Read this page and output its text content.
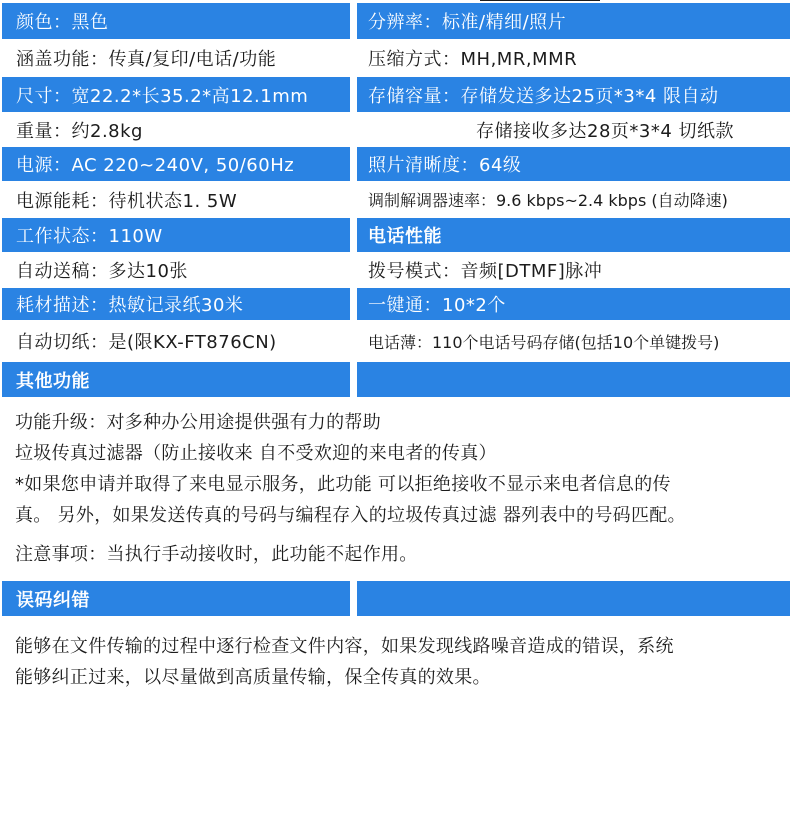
颜色：黑色	分辨率：标准/精细/照片
涵盖功能：传真/复印/电话/功能	压缩方式：MH,MR,MMR
尺寸：宽22.2*长35.2*高12.1mm	存储容量：存储发送多达25页*3*4 限自动
重量：约2.8kg	存储接收多达28页*3*4 切纸款
电源：AC 220~240V, 50/60Hz	照片清晰度：64级
电源能耗：待机状态1. 5W	调制解调器速率：9.6 kbps~2.4 kbps (自动降速)
工作状态：110W	电话性能
自动送稿：多达10张	拨号模式：音频[DTMF]脉冲
耗材描述：热敏记录纸30米	一键通：10*2个
自动切纸：是(限KX-FT876CN)	电话薄：110个电话号码存储(包括10个单键拨号)
其他功能
功能升级：对多种办公用途提供强有力的帮助
垃圾传真过滤器（防止接收来 自不受欢迎的来电者的传真）
*如果您申请并取得了来电显示服务，此功能 可以拒绝接收不显示来电者信息的传
真。 另外，如果发送传真的号码与编程存入的垃圾传真过滤 器列表中的号码匹配。
注意事项：当执行手动接收时，此功能不起作用。
误码纠错
能够在文件传输的过程中逐行检查文件内容，如果发现线路噪音造成的错误，系统
能够纠正过来，以尽量做到高质量传输，保全传真的效果。
